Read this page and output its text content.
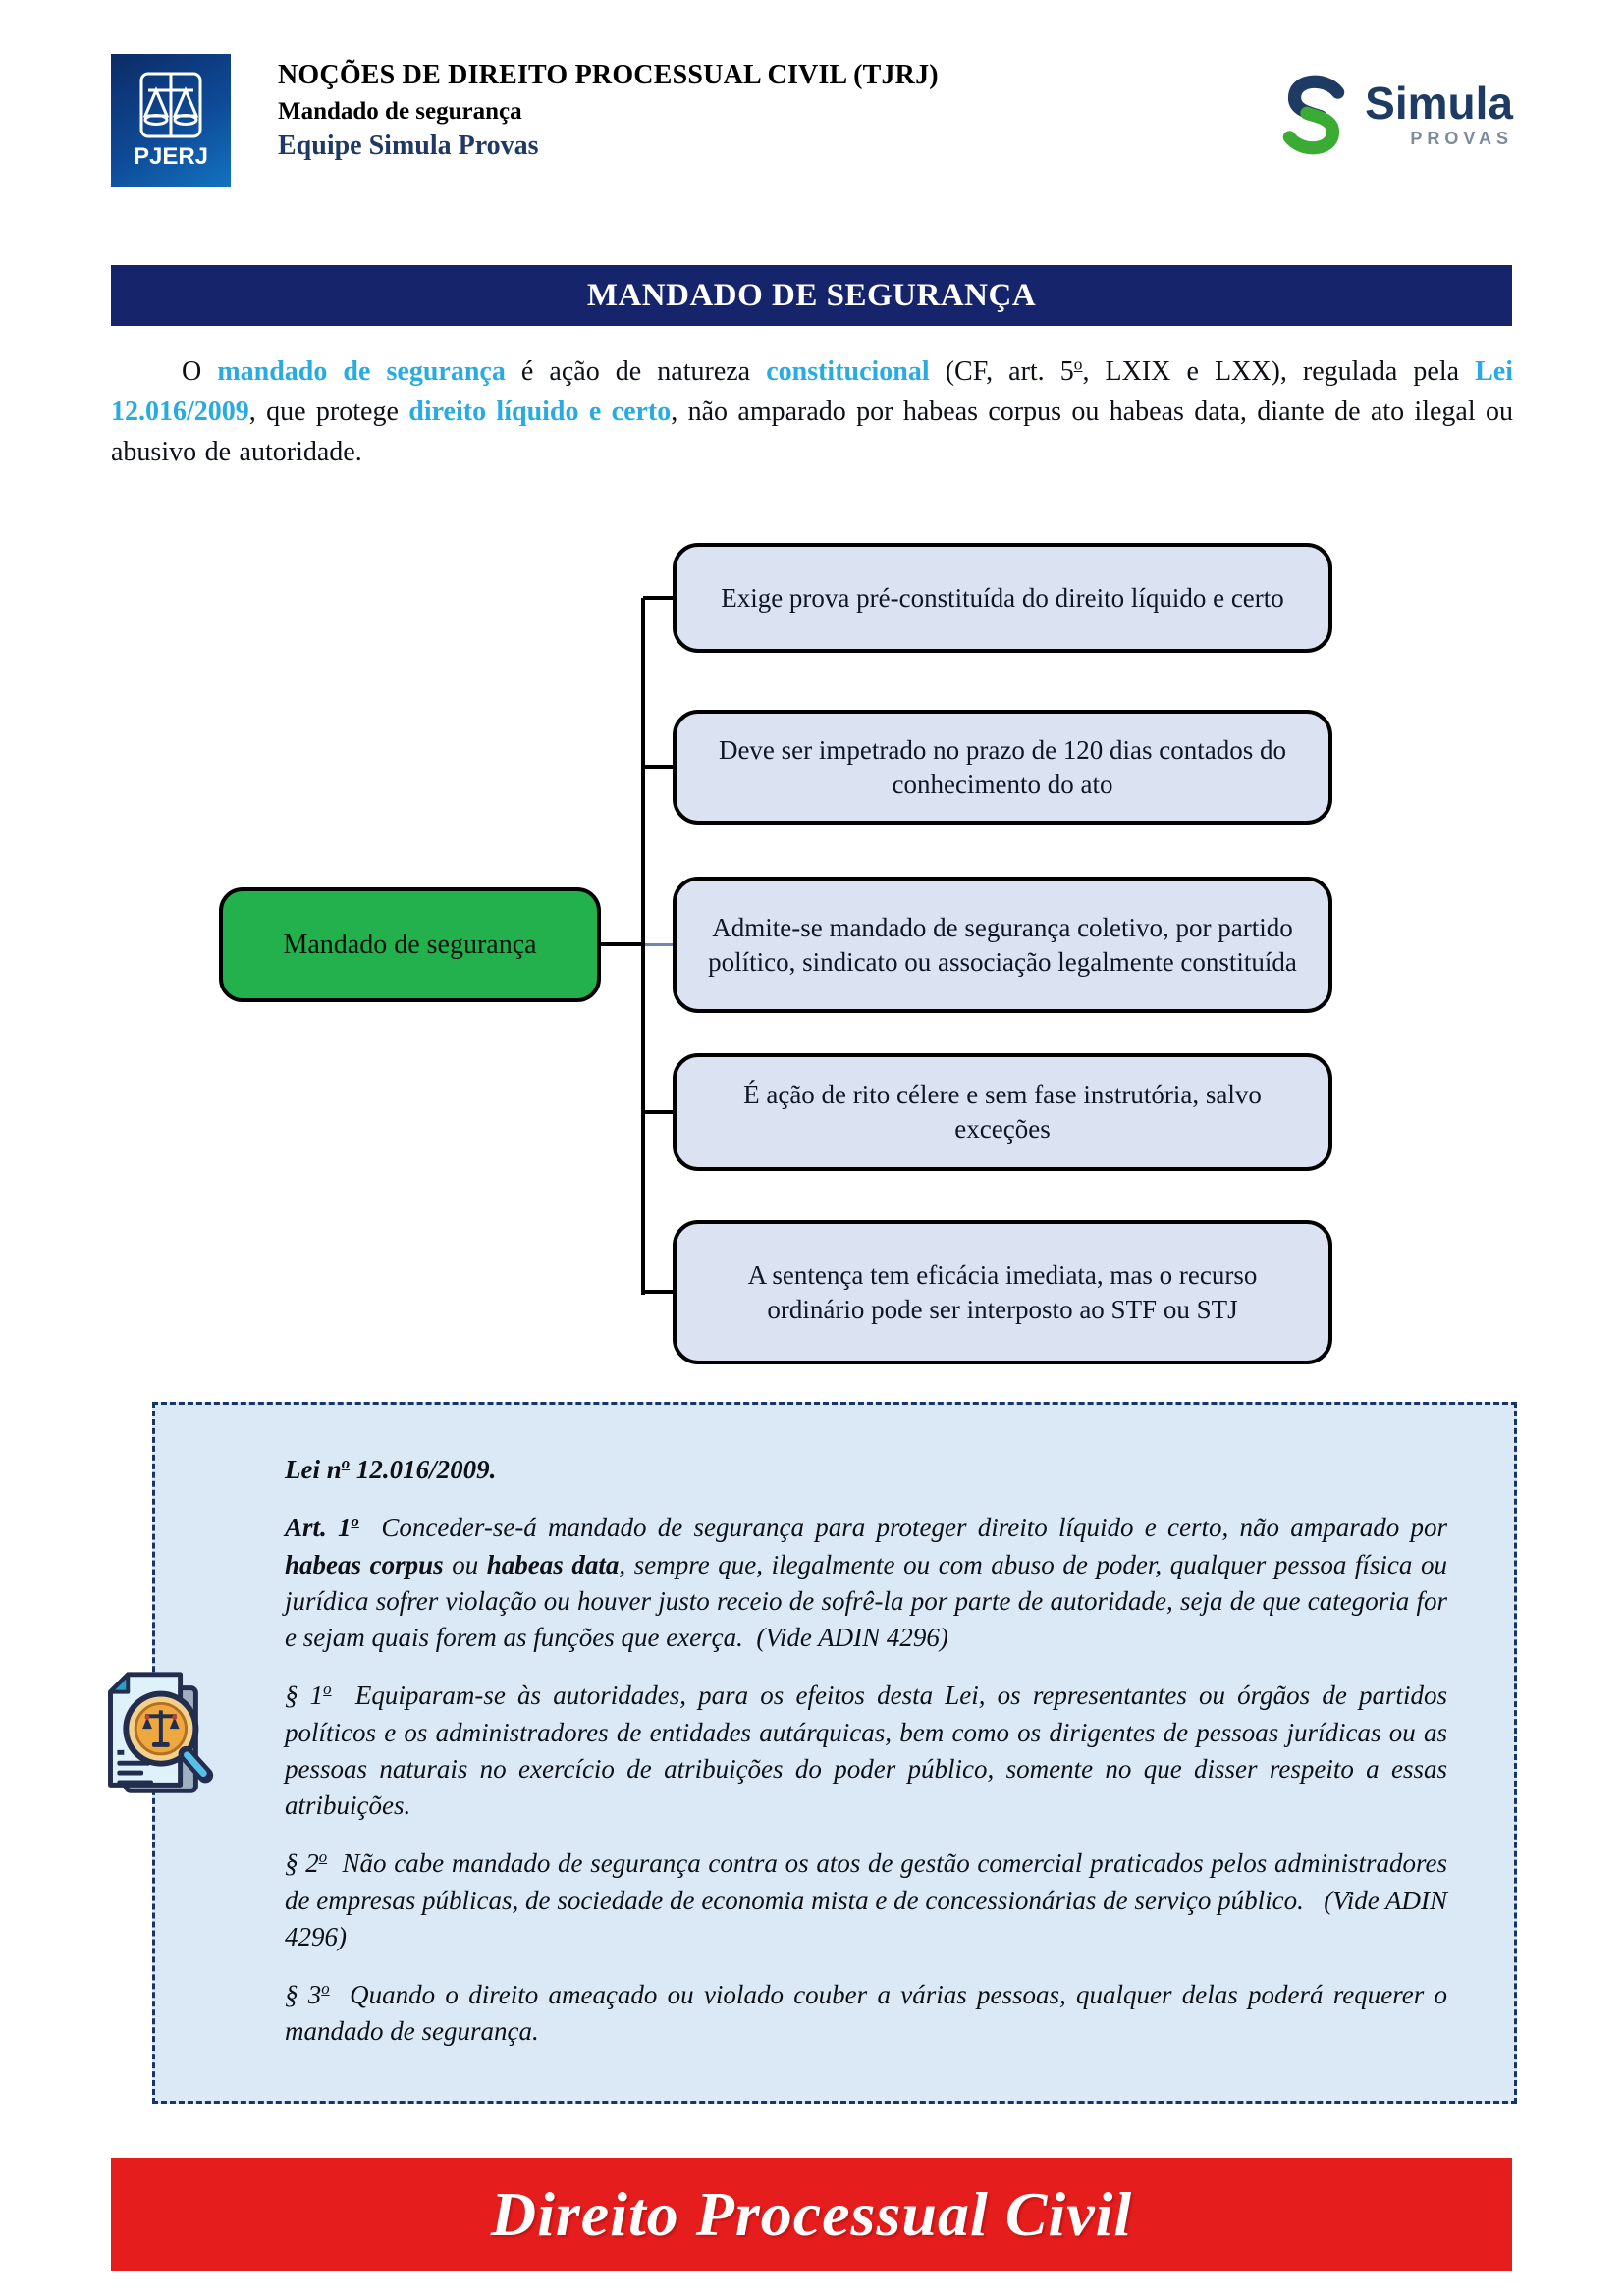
PJERJ
NOÇÕES DE DIREITO PROCESSUAL CIVIL (TJRJ)
Mandado de segurança
Equipe Simula Provas
Simula
PROVAS
MANDADO DE SEGURANÇA

O mandado de segurança é ação de natureza constitucional (CF, art. 5$^o$, LXIX e LXX), regulada pela Lei 12.016/2009, que protege direito líquido e certo, não amparado por habeas corpus ou habeas data, diante de ato ilegal ou abusivo de autoridade.

Mandado de segurança
Exige prova pré-constituída do direito líquido e certo
Deve ser impetrado no prazo de 120 dias contados do conhecimento do ato
Admite-se mandado de segurança coletivo, por partido político, sindicato ou associação legalmente constituída
É ação de rito célere e sem fase instrutória, salvo exceções
A sentença tem eficácia imediata, mas o recurso ordinário pode ser interposto ao STF ou STJ

Lei $n^o$ 12.016/2009.

Art. 1$^o$  Conceder-se-á mandado de segurança para proteger direito líquido e certo, não amparado por habeas corpus ou habeas data, sempre que, ilegalmente ou com abuso de poder, qualquer pessoa física ou jurídica sofrer violação ou houver justo receio de sofrê-la por parte de autoridade, seja de que categoria for e sejam quais forem as funções que exerça.  (Vide ADIN 4296)

§ 1$^o$  Equiparam-se às autoridades, para os efeitos desta Lei, os representantes ou órgãos de partidos políticos e os administradores de entidades autárquicas, bem como os dirigentes de pessoas jurídicas ou as pessoas naturais no exercício de atribuições do poder público, somente no que disser respeito a essas atribuições.

§ 2$^o$  Não cabe mandado de segurança contra os atos de gestão comercial praticados pelos administradores de empresas públicas, de sociedade de economia mista e de concessionárias de serviço público.   (Vide ADIN 4296)

§ 3$^o$  Quando o direito ameaçado ou violado couber a várias pessoas, qualquer delas poderá requerer o mandado de segurança.

Direito Processual Civil
